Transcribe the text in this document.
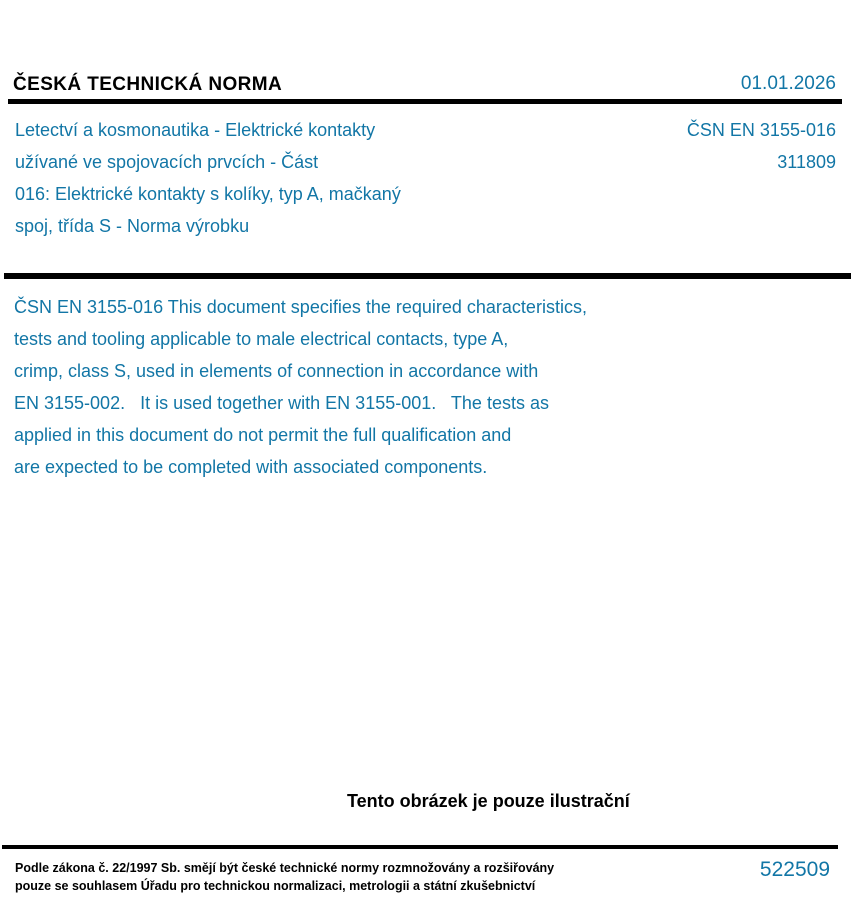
ČESKÁ TECHNICKÁ NORMA	01.01.2026
Letectví a kosmonautika - Elektrické kontakty
užívané ve spojovacích prvcích - Část
016: Elektrické kontakty s kolíky, typ A, mačkaný
spoj, třída S - Norma výrobku
ČSN EN 3155-016
311809
ČSN EN 3155-016 This document specifies the required characteristics,
tests and tooling applicable to male electrical contacts, type A,
crimp, class S, used in elements of connection in accordance with
EN 3155-002.   It is used together with EN 3155-001.   The tests as
applied in this document do not permit the full qualification and
are expected to be completed with associated components.
Tento obrázek je pouze ilustrační
Podle zákona č. 22/1997 Sb. smějí být české technické normy rozmnožovány a rozšiřovány
pouze se souhlasem Úřadu pro technickou normalizaci, metrologii a státní zkušebnictví
522509
